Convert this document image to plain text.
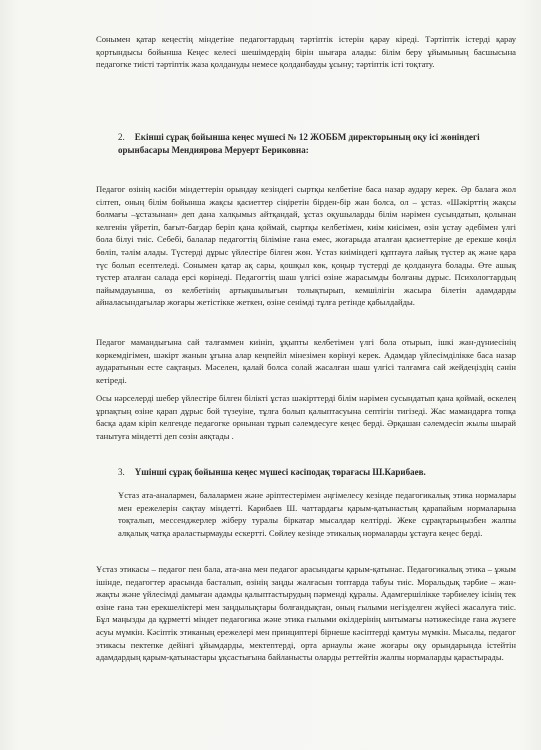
Сонымен қатар кеңестің міндетіне педагогтардың тәртіптік істерін қарау кіреді. Тәртіптік істерді қарау қортындысы бойынша Кеңес келесі шешімдердің бірін шығара алады: білім беру ұйымының басшысына педагогке тиісті тәртіптік жаза қолдануды немесе қолданбауды ұсыну; тәртіптік істі тоқтату.

2. Екінші сұрақ бойынша кеңес мүшесі № 12 ЖОББМ директорының оқу ісі жөніндегі орынбасары Мендиярова Меруерт Бериковна:

Педагог өзінің кәсіби міндеттерін орындау кезіндегі сыртқы келбетіне баса назар аудару керек. Әр балаға жол сілтеп, оның білім бойынша жақсы қасиеттер сіңіретін бірден-бір жан болса, ол – ұстаз. «Шәкірттің жақсы болмағы –ұстазынан» деп дана халқымыз айтқандай, ұстаз оқушыларды білім нәрімен сусындатып, қолынан келгенін үйретіп, бағыт-бағдар беріп қана қоймай, сыртқы келбетімен, киім киісімен, өзін ұстау әдебімен үлгі бола білуі тиіс. Себебі, балалар педагогтің біліміне ғана емес, жоғарыда аталған қасиеттеріне де ерекше көңіл бөліп, тәлім алады. Түстерді дұрыс үйлестіре білген жөн. Ұстаз киіміндегі құптауға лайық түстер ақ және қара түс болып есептеледі. Сонымен қатар ақ сары, қошқыл көк, қоңыр түстерді де қолдануға болады. Өте ашық түстер аталған салада ерсі көрінеді. Педагогтің шаш үлгісі өзіне жарасымды болғаны дұрыс. Психологтардың пайымдауынша, өз келбетінің артықшылығын толықтырып, кемшілігін жасыра білетін адамдарды айналасындағылар жоғары жетістікке жеткен, өзіне сенімді тұлға ретінде қабылдайды.

Педагог мамандығына сай талғаммен киініп, ұқыпты келбетімен үлгі бола отырып, ішкі жан-дүниесінің көркемдігімен, шәкірт жанын ұғына алар кеңпейіл мінезімен көрінуі керек. Адамдар үйлесімділікке баса назар аударатынын есте сақтаңыз. Мәселен, қалай болса солай жасалған шаш үлгісі талғамға сай жейдеңіздің сәнін кетіреді.

Осы нәрселерді шебер үйлестіре білген білікті ұстаз шәкірттерді білім нәрімен сусындатып қана қоймай, өскелең ұрпақтың өзіне қарап дұрыс бой түзеуіне, тұлға болып қалыптасуына септігін тигізеді. Жас мамандарға топқа басқа адам кіріп келгенде педагогке орнынан тұрып сәлемдесуге кеңес берді. Әрқашан сәлемдесіп жылы шырай танытуға міндетті деп сөзін аяқтады .

3. Үшінші сұрақ бойынша кеңес мүшесі кәсіподақ төрағасы Ш.Карибаев.

Ұстаз ата-аналармен, балалармен және әріптестерімен әңгімелесу кезінде педагогикалық этика нормалары мен ережелерін сақтау міндетті. Карибаев Ш. чаттардағы қарым-қатынастың қарапайым нормаларына тоқталып, мессенджерлер жіберу туралы біркатар мысалдар келтірді. Жеке сұрақтарыңызбен жалпы алқалық чатқа араластырмауды ескертті. Сөйлеу кезінде этикалық нормаларды ұстауға кеңес берді.

Ұстаз этикасы – педагог пен бала, ата-ана мен педагог арасындағы қарым-қатынас. Педагогикалық этика – ұжым ішінде, педагогтер арасында басталып, өзінің заңды жалғасын топтарда табуы тиіс. Моральдық тәрбие – жан-жақты және үйлесімді дамыған адамды қалыптастырудың пәрмендi құралы. Адамгершілікке тәрбиелеу ісінің тек өзіне ғана тән ерекшеліктері мен заңдылықтары болғандықтан, оның ғылыми негізделген жүйесі жасалуға тиіс. Бұл маңызды да құрметті міндет педагогика және этика ғылыми өкілдерінің ынтымағы нәтижесінде ғана жүзеге асуы мүмкін. Кәсіптік этиканың ережелері мен принциптері бірнеше кәсіптерді қамтуы мүмкін. Мысалы, педагог этикасы пектепке дейінгі ұйымдарды, мектептерді, орта арнаулы және жоғары оқу орындарында істейтін адамдардың қарым-қатынастары ұқсастығына байланысты оларды реттейтін жалпы нормаларды қарастырады.
